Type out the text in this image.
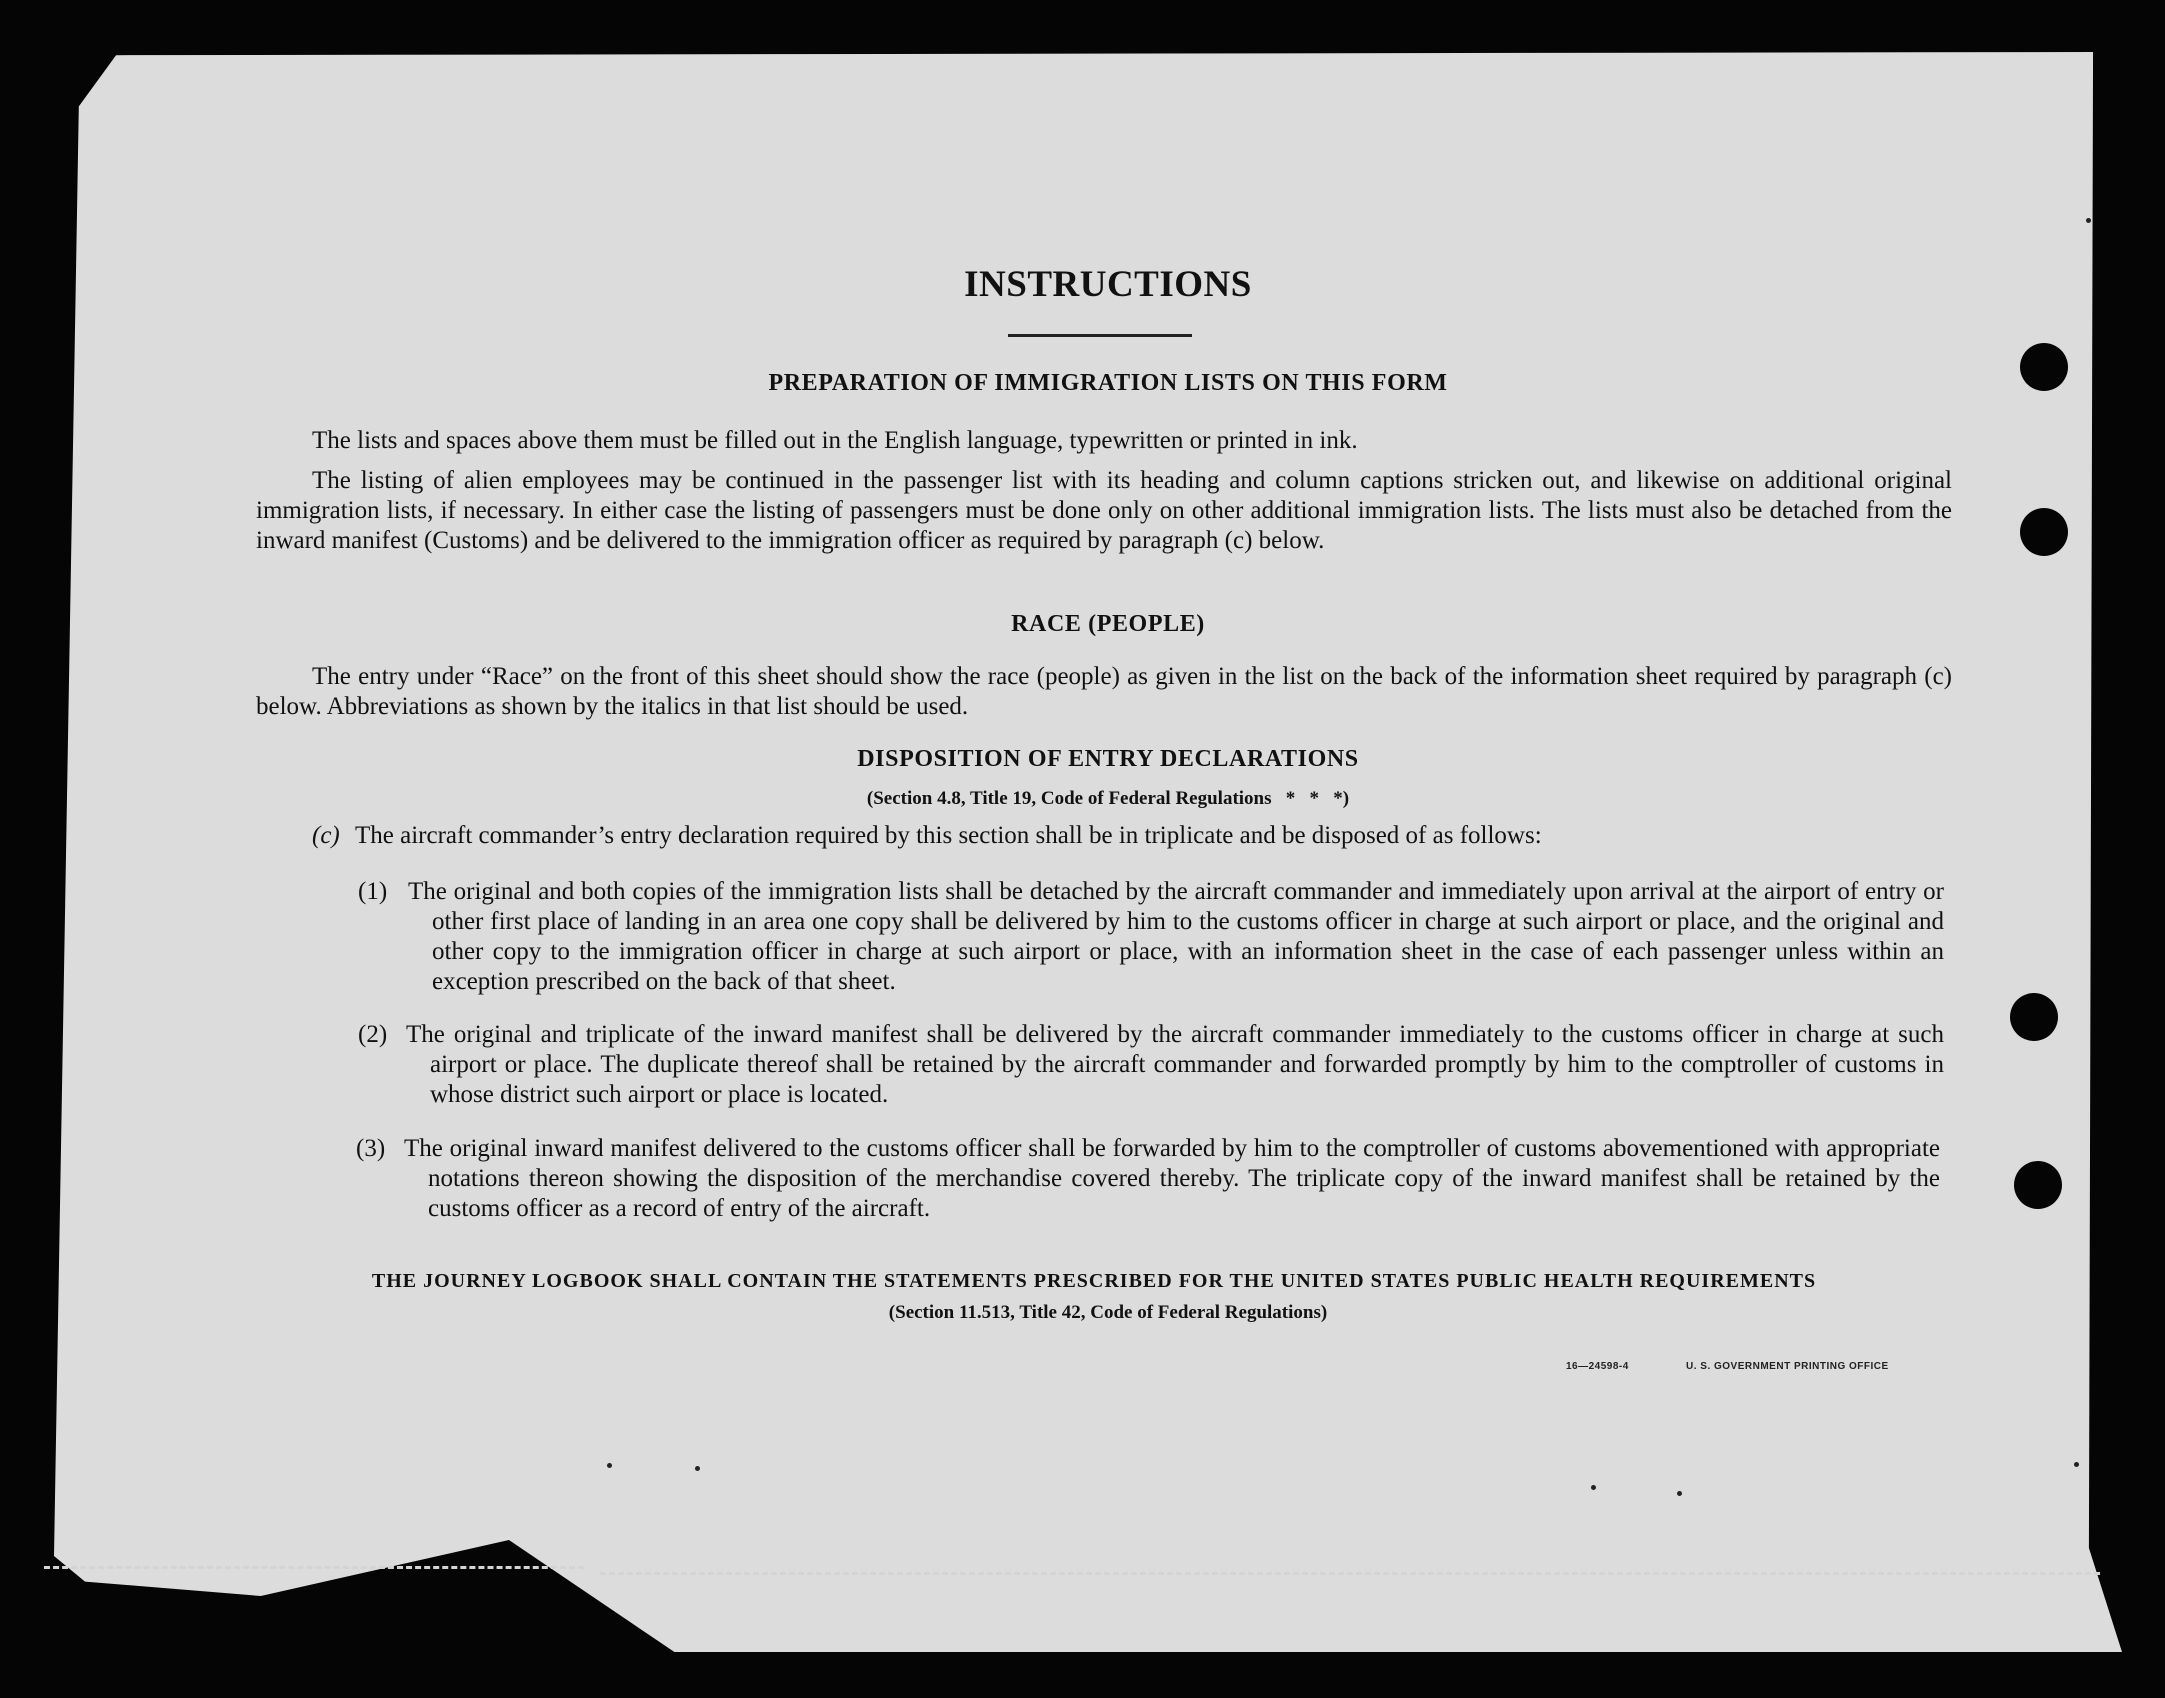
INSTRUCTIONS
PREPARATION OF IMMIGRATION LISTS ON THIS FORM
The lists and spaces above them must be filled out in the English language, typewritten or printed in ink.
The listing of alien employees may be continued in the passenger list with its heading and column captions stricken out, and likewise on additional original immigration lists, if necessary. In either case the listing of passengers must be done only on other additional immigration lists. The lists must also be detached from the inward manifest (Customs) and be delivered to the immigration officer as required by paragraph (c) below.
RACE (PEOPLE)
The entry under “Race” on the front of this sheet should show the race (people) as given in the list on the back of the information sheet required by paragraph (c) below. Abbreviations as shown by the italics in that list should be used.
DISPOSITION OF ENTRY DECLARATIONS
(Section 4.8, Title 19, Code of Federal Regulations   *   *   *)
(c) The aircraft commander’s entry declaration required by this section shall be in triplicate and be disposed of as follows:
(1) The original and both copies of the immigration lists shall be detached by the aircraft commander and immediately upon arrival at the airport of entry or other first place of landing in an area one copy shall be delivered by him to the customs officer in charge at such airport or place, and the original and other copy to the immigration officer in charge at such airport or place, with an information sheet in the case of each passenger unless within an exception prescribed on the back of that sheet.
(2) The original and triplicate of the inward manifest shall be delivered by the aircraft commander immediately to the customs officer in charge at such airport or place. The duplicate thereof shall be retained by the aircraft commander and forwarded promptly by him to the comptroller of customs in whose district such airport or place is located.
(3) The original inward manifest delivered to the customs officer shall be forwarded by him to the comptroller of customs abovementioned with appropriate notations thereon showing the disposition of the merchandise covered thereby. The triplicate copy of the inward manifest shall be retained by the customs officer as a record of entry of the aircraft.
THE JOURNEY LOGBOOK SHALL CONTAIN THE STATEMENTS PRESCRIBED FOR THE UNITED STATES PUBLIC HEALTH REQUIREMENTS
(Section 11.513, Title 42, Code of Federal Regulations)
16—24598-4	U. S. GOVERNMENT PRINTING OFFICE
